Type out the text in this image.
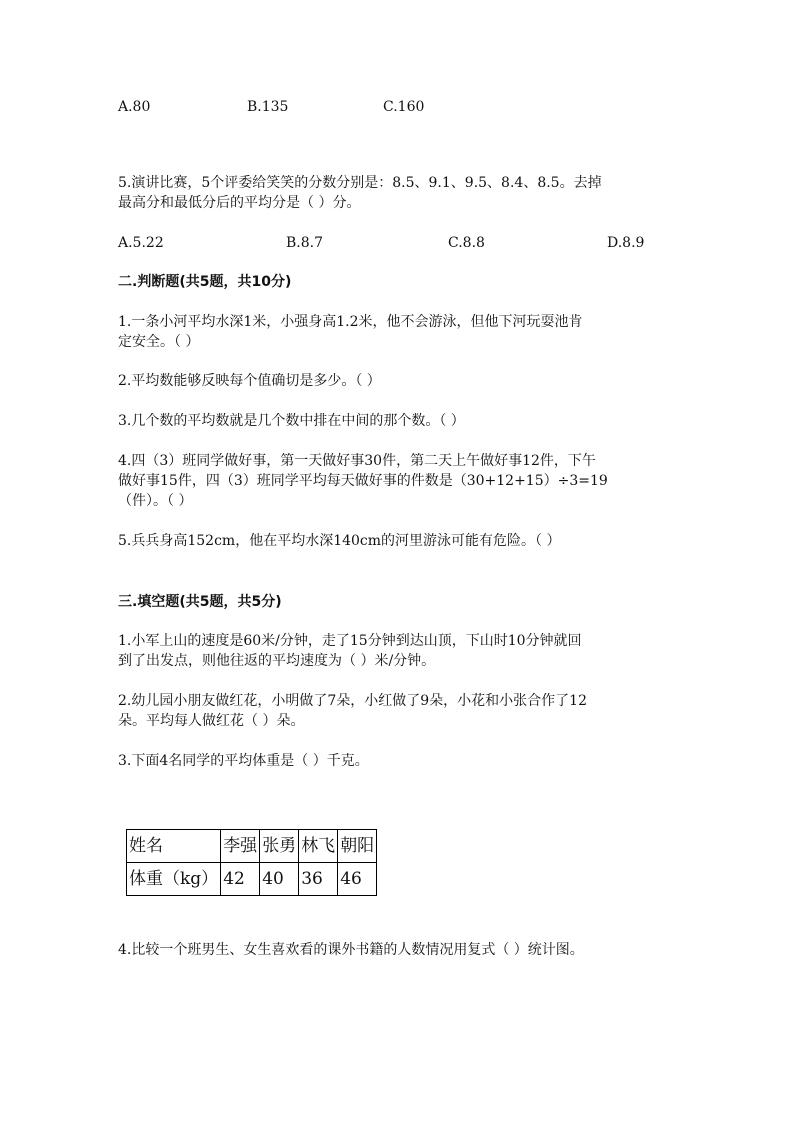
A.80	B.135	C.160
5.演讲比赛，5个评委给笑笑的分数分别是：8.5、9.1、9.5、8.4、8.5。去掉
最高分和最低分后的平均分是（ ）分。
A.5.22	B.8.7	C.8.8	D.8.9
二.判断题(共5题，共10分)
1.一条小河平均水深1米，小强身高1.2米，他不会游泳，但他下河玩耍池肯
定安全。（ ）
2.平均数能够反映每个值确切是多少。（ ）
3.几个数的平均数就是几个数中排在中间的那个数。（ ）
4.四（3）班同学做好事，第一天做好事30件，第二天上午做好事12件，下午
做好事15件，四（3）班同学平均每天做好事的件数是（30+12+15）÷3=19
（件）。（ ）
5.兵兵身高152cm，他在平均水深140cm的河里游泳可能有危险。（ ）
三.填空题(共5题，共5分)
1.小军上山的速度是60米/分钟，走了15分钟到达山顶，下山时10分钟就回
到了出发点，则他往返的平均速度为（ ）米/分钟。
2.幼儿园小朋友做红花，小明做了7朵，小红做了9朵，小花和小张合作了12
朵。平均每人做红花（ ）朵。
3.下面4名同学的平均体重是（ ）千克。
姓名	李强	张勇	林飞	朝阳
体重（kg）	42	40	36	46
4.比较一个班男生、女生喜欢看的课外书籍的人数情况用复式（ ）统计图。
